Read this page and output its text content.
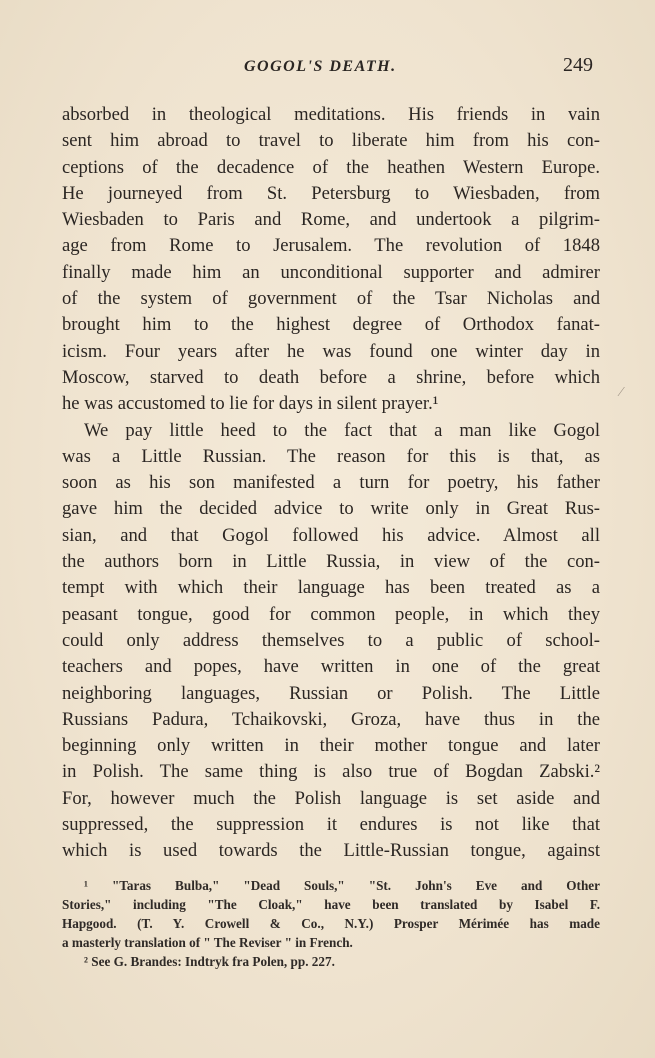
GOGOL'S DEATH.	249
absorbed in theological meditations. His friends in vain
sent him abroad to travel to liberate him from his con-
ceptions of the decadence of the heathen Western Europe.
He journeyed from St. Petersburg to Wiesbaden, from
Wiesbaden to Paris and Rome, and undertook a pilgrim-
age from Rome to Jerusalem. The revolution of 1848
finally made him an unconditional supporter and admirer
of the system of government of the Tsar Nicholas and
brought him to the highest degree of Orthodox fanat-
icism. Four years after he was found one winter day in
Moscow, starved to death before a shrine, before which
he was accustomed to lie for days in silent prayer.¹
We pay little heed to the fact that a man like Gogol
was a Little Russian. The reason for this is that, as
soon as his son manifested a turn for poetry, his father
gave him the decided advice to write only in Great Rus-
sian, and that Gogol followed his advice. Almost all
the authors born in Little Russia, in view of the con-
tempt with which their language has been treated as a
peasant tongue, good for common people, in which they
could only address themselves to a public of school-
teachers and popes, have written in one of the great
neighboring languages, Russian or Polish. The Little
Russians Padura, Tchaikovski, Groza, have thus in the
beginning only written in their mother tongue and later
in Polish. The same thing is also true of Bogdan Zabski.²
For, however much the Polish language is set aside and
suppressed, the suppression it endures is not like that
which is used towards the Little-Russian tongue, against
¹ "Taras Bulba," "Dead Souls," "St. John's Eve and Other
Stories," including "The Cloak," have been translated by Isabel F.
Hapgood. (T. Y. Crowell & Co., N.Y.) Prosper Mérimée has made
a masterly translation of " The Reviser " in French.
² See G. Brandes: Indtryk fra Polen, pp. 227.
⁄
